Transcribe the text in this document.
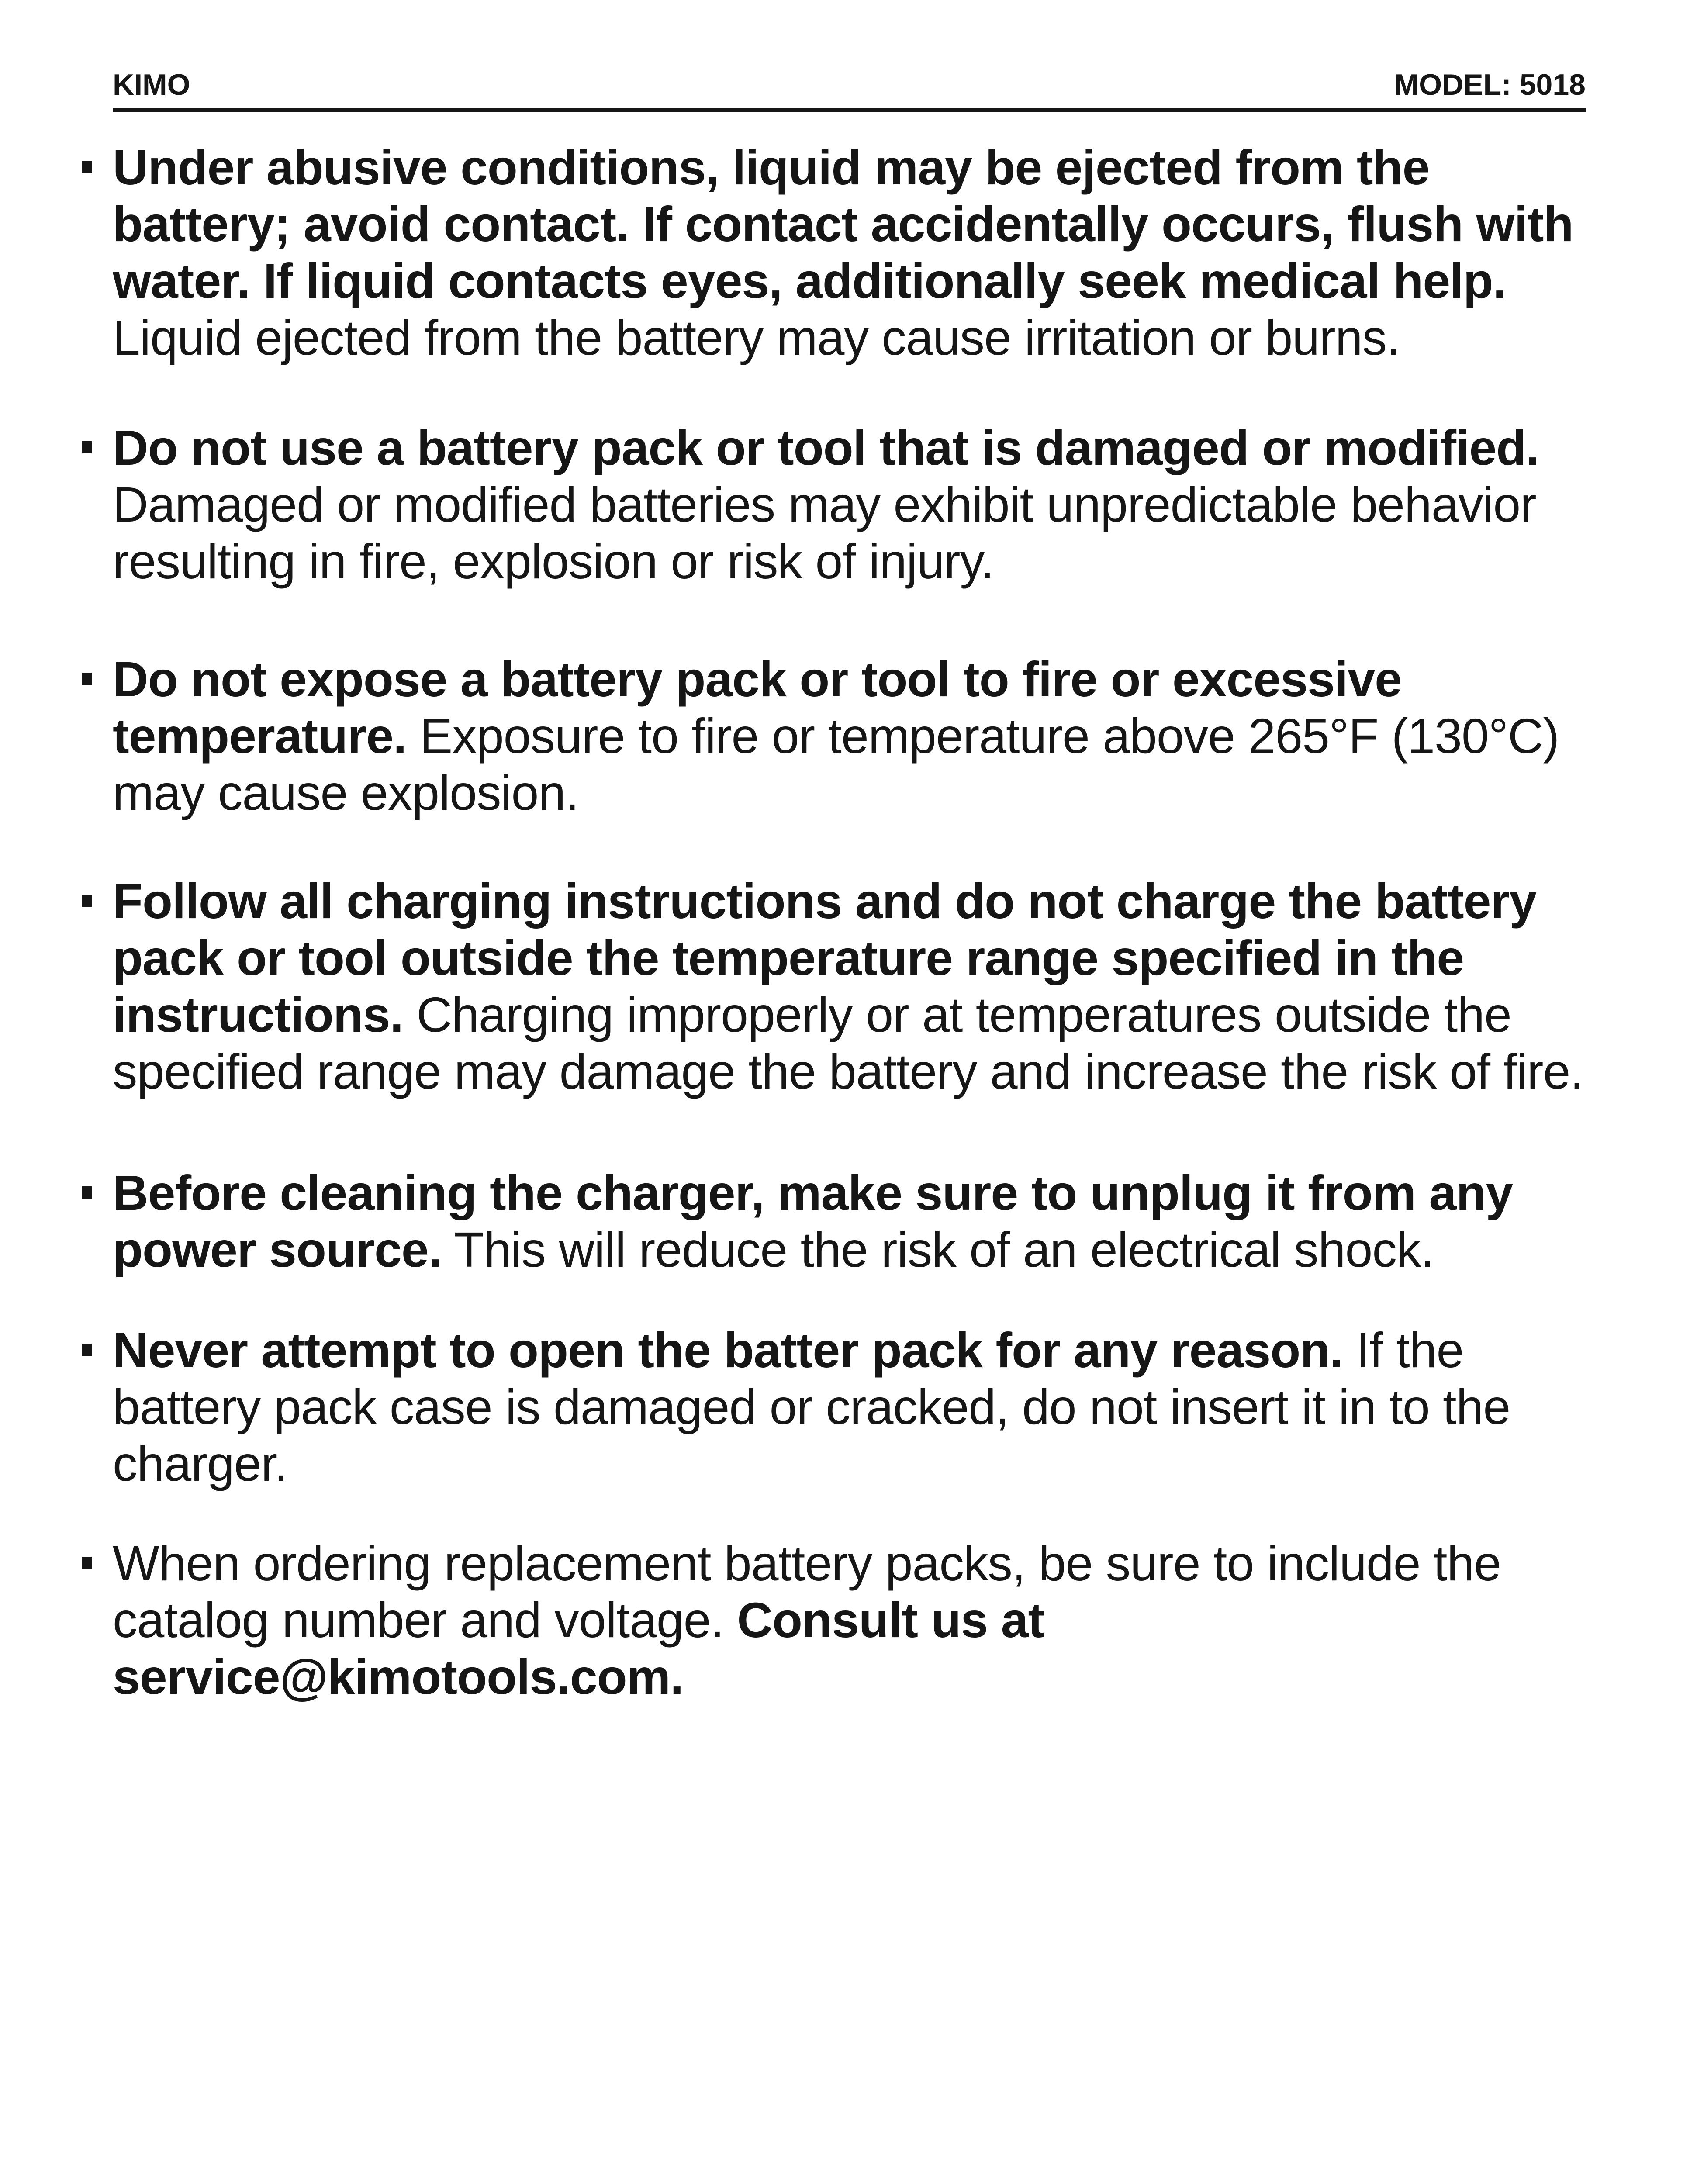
KIMO	MODEL: 5018
Under abusive conditions, liquid may be ejected from the battery; avoid contact. If contact accidentally occurs, flush with water. If liquid contacts eyes, additionally seek medical help. Liquid ejected from the battery may cause irritation or burns.
Do not use a battery pack or tool that is damaged or modified. Damaged or modified batteries may exhibit unpredictable behavior resulting in fire, explosion or risk of injury.
Do not expose a battery pack or tool to fire or excessive temperature. Exposure to fire or temperature above 265°F (130°C) may cause explosion.
Follow all charging instructions and do not charge the battery pack or tool outside the temperature range specified in the instructions. Charging improperly or at temperatures outside the specified range may damage the battery and increase the risk of fire.
Before cleaning the charger, make sure to unplug it from any power source. This will reduce the risk of an electrical shock.
Never attempt to open the batter pack for any reason. If the battery pack case is damaged or cracked, do not insert it in to the charger.
When ordering replacement battery packs, be sure to include the catalog number and voltage. Consult us at service@kimotools.com.
